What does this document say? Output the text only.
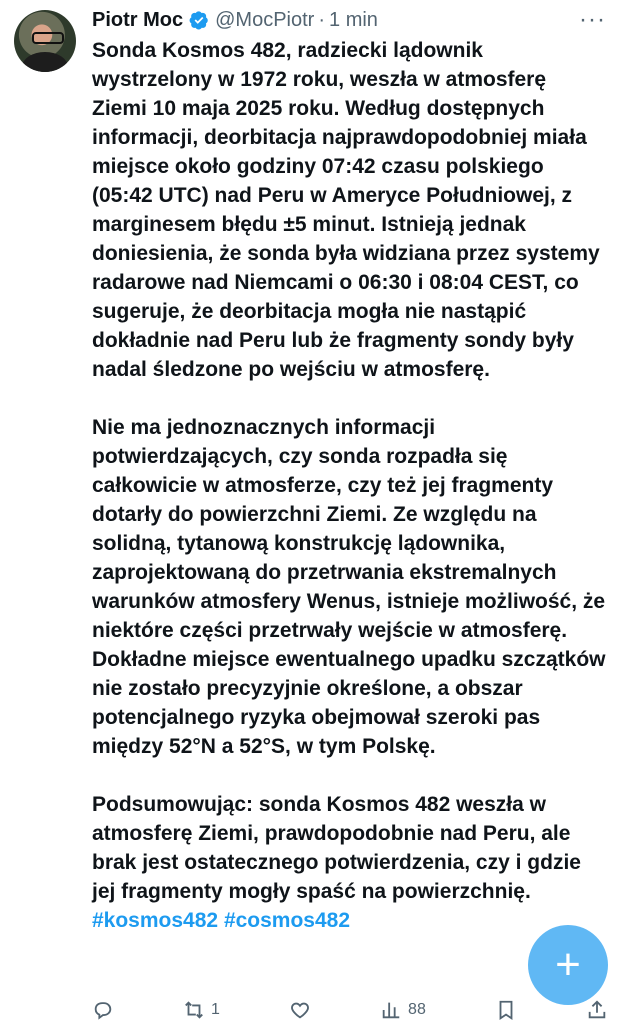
Piotr Moc @MocPiotr · 1 min	···

Sonda Kosmos 482, radziecki lądownik wystrzelony w 1972 roku, weszła w atmosferę Ziemi 10 maja 2025 roku. Według dostępnych informacji, deorbitacja najprawdopodobniej miała miejsce około godziny 07:42 czasu polskiego (05:42 UTC) nad Peru w Ameryce Południowej, z marginesem błędu ±5 minut. Istnieją jednak doniesienia, że sonda była widziana przez systemy radarowe nad Niemcami o 06:30 i 08:04 CEST, co sugeruje, że deorbitacja mogła nie nastąpić dokładnie nad Peru lub że fragmenty sondy były nadal śledzone po wejściu w atmosferę.

Nie ma jednoznacznych informacji potwierdzających, czy sonda rozpadła się całkowicie w atmosferze, czy też jej fragmenty dotarły do powierzchni Ziemi. Ze względu na solidną, tytanową konstrukcję lądownika, zaprojektowaną do przetrwania ekstremalnych warunków atmosfery Wenus, istnieje możliwość, że niektóre części przetrwały wejście w atmosferę. Dokładne miejsce ewentualnego upadku szczątków nie zostało precyzyjnie określone, a obszar potencjalnego ryzyka obejmował szeroki pas między 52°N a 52°S, w tym Polskę.

Podsumowując: sonda Kosmos 482 weszła w atmosferę Ziemi, prawdopodobnie nad Peru, ale brak jest ostatecznego potwierdzenia, czy i gdzie jej fragmenty mogły spaść na powierzchnię. #kosmos482 #cosmos482

+
1	88
